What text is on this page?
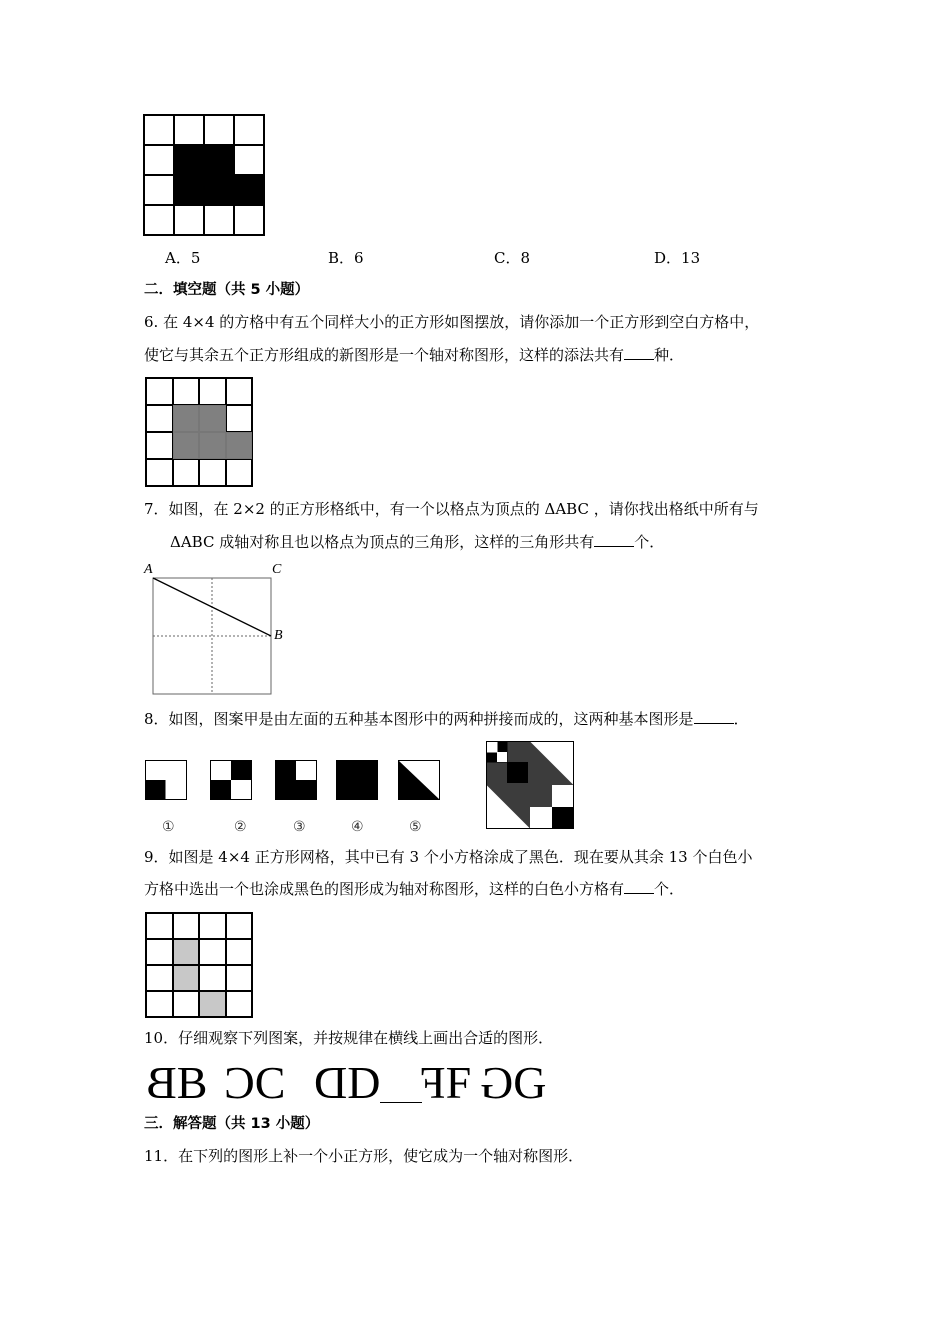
A．5	B．6	C．8	D．13
二．填空题（共 5 小题）
6. 在 4×4 的方格中有五个同样大小的正方形如图摆放，请你添加一个正方形到空白方格中，
使它与其余五个正方形组成的新图形是一个轴对称图形，这样的添法共有 种．
7．如图，在 2×2 的正方形格纸中，有一个以格点为顶点的 ΔABC ，请你找出格纸中所有与
ΔABC 成轴对称且也以格点为顶点的三角形，这样的三角形共有	个．
A	C
B
8．如图，图案甲是由左面的五种基本图形中的两种拼接而成的，这两种基本图形是	．
①	②	③	④	⑤
9．如图是 4×4 正方形网格，其中已有 3 个小方格涂成了黑色．现在要从其余 13 个白色小
方格中选出一个也涂成黑色的图形成为轴对称图形，这样的白色小方格有 个．
10．仔细观察下列图案，并按规律在横线上画出合适的图形．
BB CC DD FF GG
三．解答题（共 13 小题）
11．在下列的图形上补一个小正方形，使它成为一个轴对称图形．
